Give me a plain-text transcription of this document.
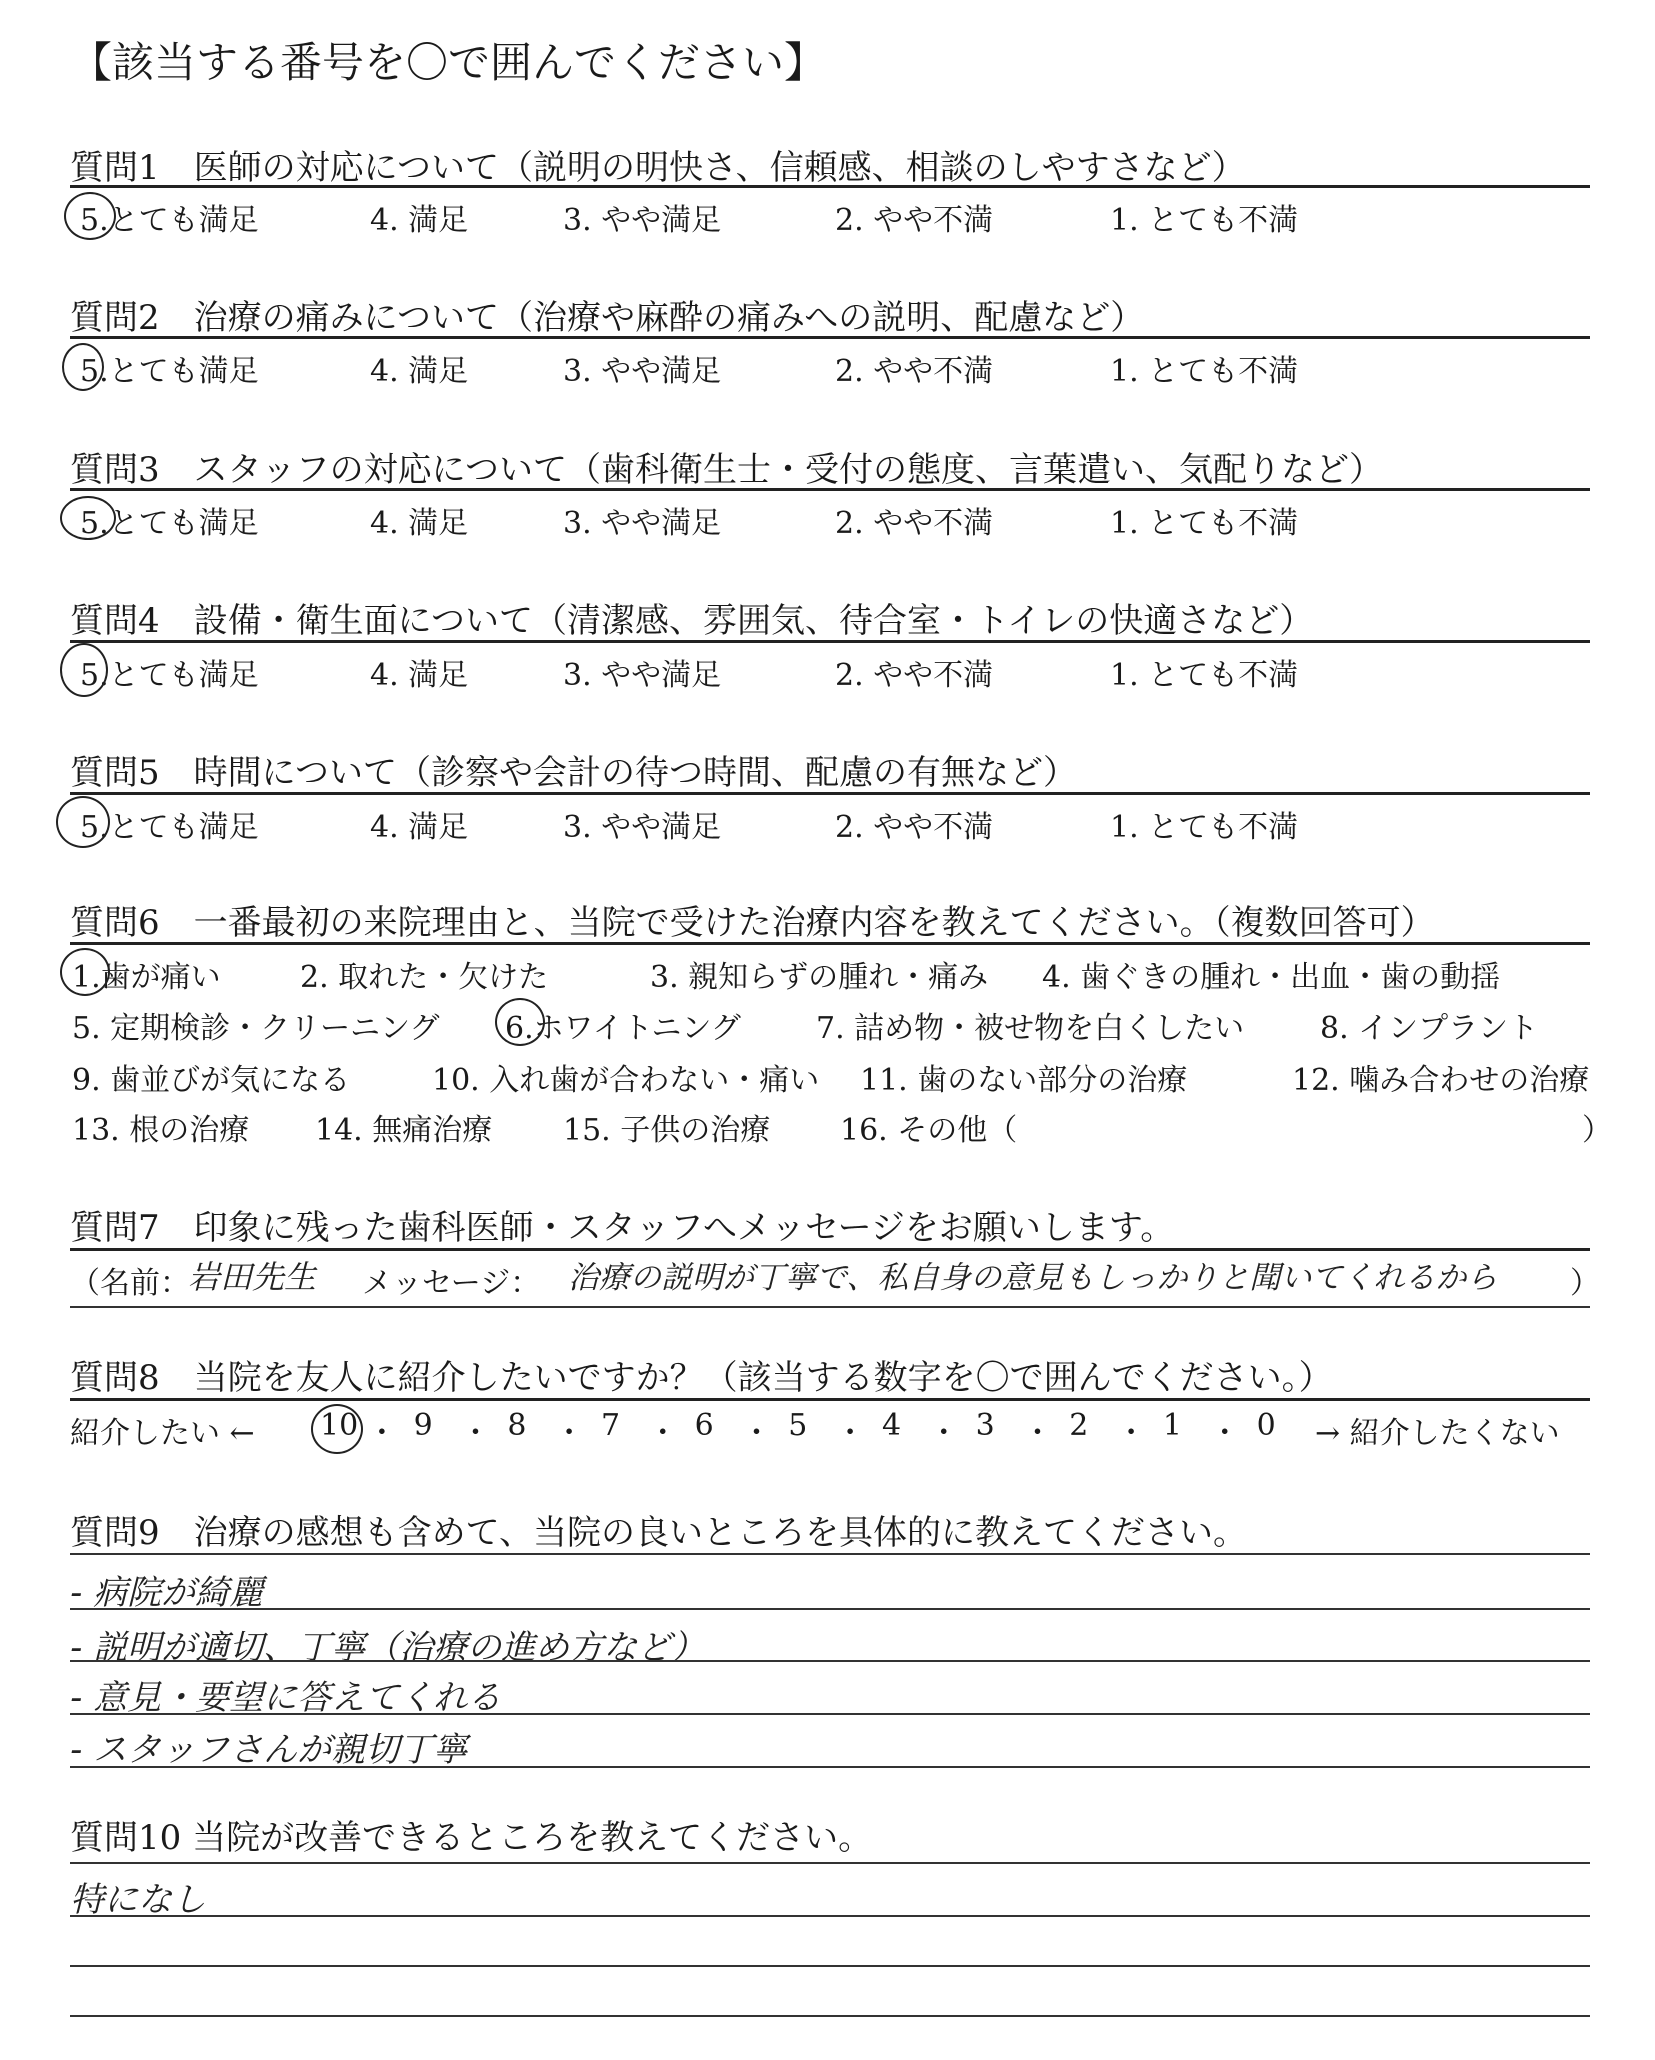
【該当する番号を〇で囲んでください】
質問1　医師の対応について（説明の明快さ、信頼感、相談のしやすさなど）
5.とても満足	4. 満足	3. やや満足	2. やや不満	1. とても不満
質問2　治療の痛みについて（治療や麻酔の痛みへの説明、配慮など）
5.とても満足	4. 満足	3. やや満足	2. やや不満	1. とても不満
質問3　スタッフの対応について（歯科衛生士・受付の態度、言葉遣い、気配りなど）
5.とても満足	4. 満足	3. やや満足	2. やや不満	1. とても不満
質問4　設備・衛生面について（清潔感、雰囲気、待合室・トイレの快適さなど）
5.とても満足	4. 満足	3. やや満足	2. やや不満	1. とても不満
質問5　時間について（診察や会計の待つ時間、配慮の有無など）
5.とても満足	4. 満足	3. やや満足	2. やや不満	1. とても不満
質問6　一番最初の来院理由と、当院で受けた治療内容を教えてください。（複数回答可）
1.歯が痛い	2. 取れた・欠けた	3. 親知らずの腫れ・痛み 4. 歯ぐきの腫れ・出血・歯の動揺
5. 定期検診・クリーニング 6.ホワイトニング	7. 詰め物・被せ物を白くしたい	8. インプラント
9. 歯並びが気になる	10. 入れ歯が合わない・痛い 11. 歯のない部分の治療	12. 噛み合わせの治療
13. 根の治療 14. 無痛治療 15. 子供の治療 16. その他（	）
質問7　印象に残った歯科医師・スタッフへメッセージをお願いします。
（名前：
岩田先生 メッセージ： 治療の説明が丁寧で、私自身の意見もしっかりと聞いてくれるから ）
質問8　当院を友人に紹介したいですか？（該当する数字を〇で囲んでください。）
紹介したい ← 10 ・ 9 ・ 8 ・ 7 ・ 6 ・ 5 ・ 4 ・ 3 ・ 2 ・ 1 ・ 0 → 紹介したくない
質問9　治療の感想も含めて、当院の良いところを具体的に教えてください。
- 病院が綺麗
- 説明が適切、丁寧（治療の進め方など）
- 意見・要望に答えてくれる
- スタッフさんが親切丁寧
質問10 当院が改善できるところを教えてください。
特になし
